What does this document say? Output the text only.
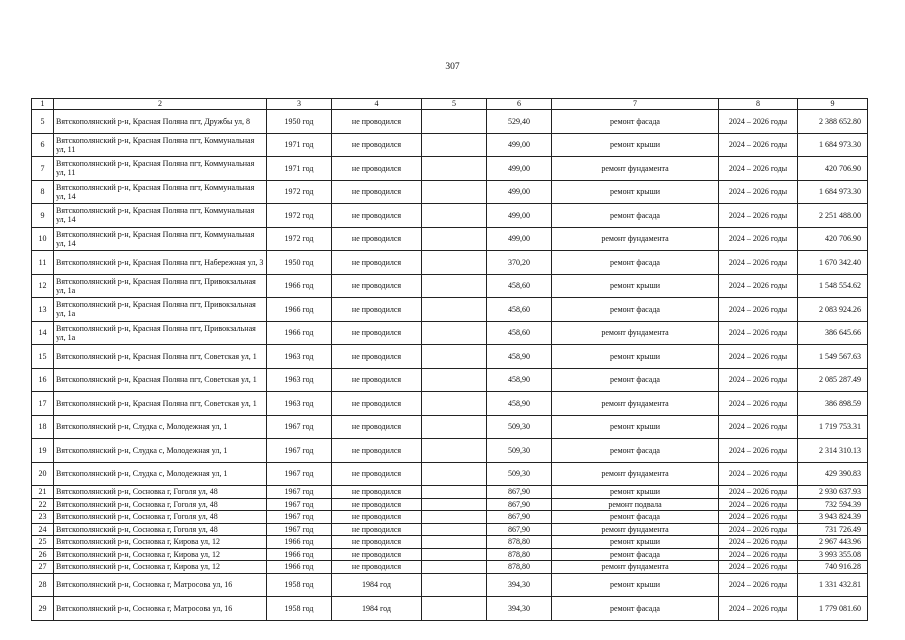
307
1	2	3	4	5	6	7	8	9
5	Вятскополянский р-н, Красная Поляна пгт, Дружбы ул, 8	1950 год	не проводился		529,40	ремонт фасада	2024 – 2026 годы	2 388 652.80
6	Вятскополянский р-н, Красная Поляна пгт, Коммунальная ул, 11	1971 год	не проводился		499,00	ремонт крыши	2024 – 2026 годы	1 684 973.30
7	Вятскополянский р-н, Красная Поляна пгт, Коммунальная ул, 11	1971 год	не проводился		499,00	ремонт фундамента	2024 – 2026 годы	420 706.90
8	Вятскополянский р-н, Красная Поляна пгт, Коммунальная ул, 14	1972 год	не проводился		499,00	ремонт крыши	2024 – 2026 годы	1 684 973.30
9	Вятскополянский р-н, Красная Поляна пгт, Коммунальная ул, 14	1972 год	не проводился		499,00	ремонт фасада	2024 – 2026 годы	2 251 488.00
10	Вятскополянский р-н, Красная Поляна пгт, Коммунальная ул, 14	1972 год	не проводился		499,00	ремонт фундамента	2024 – 2026 годы	420 706.90
11	Вятскополянский р-н, Красная Поляна пгт, Набережная ул, 3	1950 год	не проводился		370,20	ремонт фасада	2024 – 2026 годы	1 670 342.40
12	Вятскополянский р-н, Красная Поляна пгт, Привокзальная ул, 1а	1966 год	не проводился		458,60	ремонт крыши	2024 – 2026 годы	1 548 554.62
13	Вятскополянский р-н, Красная Поляна пгт, Привокзальная ул, 1а	1966 год	не проводился		458,60	ремонт фасада	2024 – 2026 годы	2 083 924.26
14	Вятскополянский р-н, Красная Поляна пгт, Привокзальная ул, 1а	1966 год	не проводился		458,60	ремонт фундамента	2024 – 2026 годы	386 645.66
15	Вятскополянский р-н, Красная Поляна пгт, Советская ул, 1	1963 год	не проводился		458,90	ремонт крыши	2024 – 2026 годы	1 549 567.63
16	Вятскополянский р-н, Красная Поляна пгт, Советская ул, 1	1963 год	не проводился		458,90	ремонт фасада	2024 – 2026 годы	2 085 287.49
17	Вятскополянский р-н, Красная Поляна пгт, Советская ул, 1	1963 год	не проводился		458,90	ремонт фундамента	2024 – 2026 годы	386 898.59
18	Вятскополянский р-н, Слудка с, Молодежная ул, 1	1967 год	не проводился		509,30	ремонт крыши	2024 – 2026 годы	1 719 753.31
19	Вятскополянский р-н, Слудка с, Молодежная ул, 1	1967 год	не проводился		509,30	ремонт фасада	2024 – 2026 годы	2 314 310.13
20	Вятскополянский р-н, Слудка с, Молодежная ул, 1	1967 год	не проводился		509,30	ремонт фундамента	2024 – 2026 годы	429 390.83
21	Вятскополянский р-н, Сосновка г, Гоголя ул, 48	1967 год	не проводился		867,90	ремонт крыши	2024 – 2026 годы	2 930 637.93
22	Вятскополянский р-н, Сосновка г, Гоголя ул, 48	1967 год	не проводился		867,90	ремонт подвала	2024 – 2026 годы	732 594.39
23	Вятскополянский р-н, Сосновка г, Гоголя ул, 48	1967 год	не проводился		867,90	ремонт фасада	2024 – 2026 годы	3 943 824.39
24	Вятскополянский р-н, Сосновка г, Гоголя ул, 48	1967 год	не проводился		867,90	ремонт фундамента	2024 – 2026 годы	731 726.49
25	Вятскополянский р-н, Сосновка г, Кирова ул, 12	1966 год	не проводился		878,80	ремонт крыши	2024 – 2026 годы	2 967 443.96
26	Вятскополянский р-н, Сосновка г, Кирова ул, 12	1966 год	не проводился		878,80	ремонт фасада	2024 – 2026 годы	3 993 355.08
27	Вятскополянский р-н, Сосновка г, Кирова ул, 12	1966 год	не проводился		878,80	ремонт фундамента	2024 – 2026 годы	740 916.28
28	Вятскополянский р-н, Сосновка г, Матросова ул, 16	1958 год	1984 год		394,30	ремонт крыши	2024 – 2026 годы	1 331 432.81
29	Вятскополянский р-н, Сосновка г, Матросова ул, 16	1958 год	1984 год		394,30	ремонт фасада	2024 – 2026 годы	1 779 081.60
